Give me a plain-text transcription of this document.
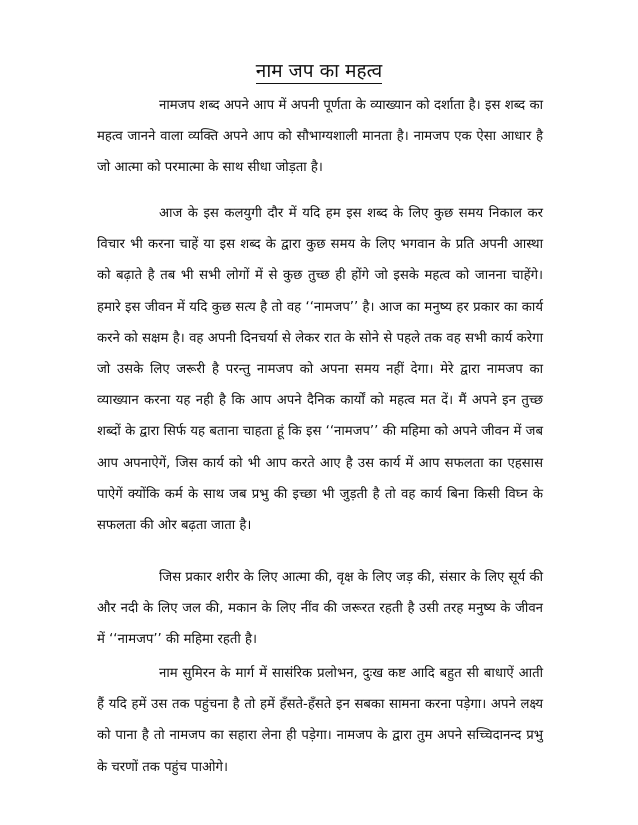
नाम जप का महत्व

नामजप शब्द अपने आप में अपनी पूर्णता के व्याख्यान को दर्शाता है। इस शब्द का महत्व जानने वाला व्यक्ति अपने आप को सौभाग्यशाली मानता है। नामजप एक ऐसा आधार है जो आत्मा को परमात्मा के साथ सीधा जोड़ता है।

आज के इस कलयुगी दौर में यदि हम इस शब्द के लिए कुछ समय निकाल कर विचार भी करना चाहें या इस शब्द के द्वारा कुछ समय के लिए भगवान के प्रति अपनी आस्था को बढ़ाते है तब भी सभी लोगों में से कुछ तुच्छ ही होंगे जो इसके महत्व को जानना चाहेंगे। हमारे इस जीवन में यदि कुछ सत्य है तो वह ‘‘नामजप’’ है। आज का मनुष्य हर प्रकार का कार्य करने को सक्षम है। वह अपनी दिनचर्या से लेकर रात के सोने से पहले तक वह सभी कार्य करेगा जो उसके लिए जरूरी है परन्तु नामजप को अपना समय नहीं देगा। मेरे द्वारा नामजप का व्याख्यान करना यह नही है कि आप अपने दैनिक कार्यों को महत्व मत दें। मैं अपने इन तुच्छ शब्दों के द्वारा सिर्फ यह बताना चाहता हूं कि इस ‘‘नामजप’’ की महिमा को अपने जीवन में जब आप अपनाऐगें, जिस कार्य को भी आप करते आए है उस कार्य में आप सफलता का एहसास पाऐगें क्योंकि कर्म के साथ जब प्रभु की इच्छा भी जुड़ती है तो वह कार्य बिना किसी विघ्न के सफलता की ओर बढ़ता जाता है।

जिस प्रकार शरीर के लिए आत्मा की, वृक्ष के लिए जड़ की, संसार के लिए सूर्य की और नदी के लिए जल की, मकान के लिए नींव की जरूरत रहती है उसी तरह मनुष्य के जीवन में ‘‘नामजप’’ की महिमा रहती है।

नाम सुमिरन के मार्ग में सासंरिक प्रलोभन, दुःख कष्ट आदि बहुत सी बाधाऐं आती हैं यदि हमें उस तक पहुंचना है तो हमें हँसते-हँसते इन सबका सामना करना पड़ेगा। अपने लक्ष्य को पाना है तो नामजप का सहारा लेना ही पड़ेगा। नामजप के द्वारा तुम अपने सच्चिदानन्द प्रभु के चरणों तक पहुंच पाओगे।
